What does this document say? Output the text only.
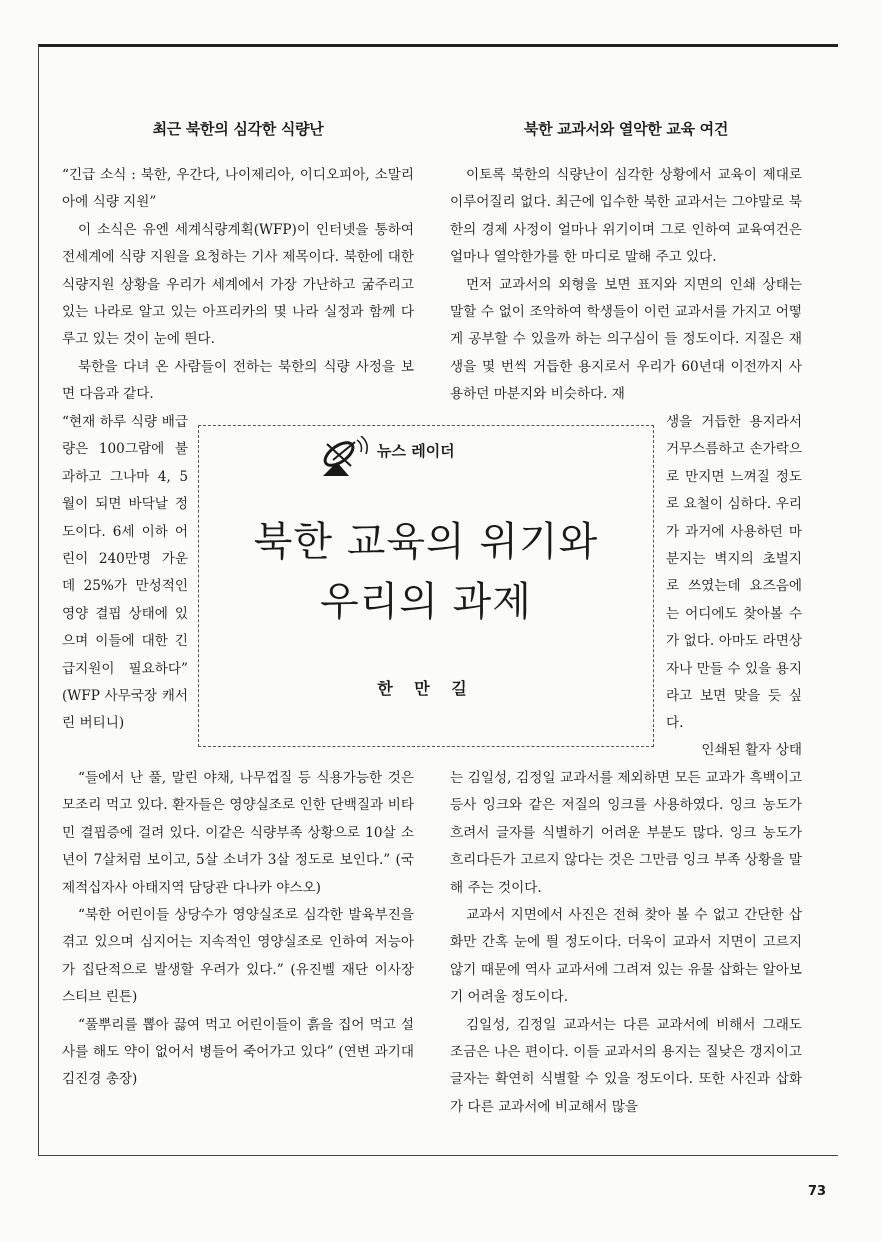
최근 북한의 심각한 식량난	북한 교과서와 열악한 교육 여건

“긴급 소식 : 북한, 우간다, 나이제리아, 이디오피아, 소말리아에 식량 지원”

이 소식은 유엔 세계식량계획(WFP)이 인터넷을 통하여 전세계에 식량 지원을 요청하는 기사 제목이다. 북한에 대한 식량지원 상황을 우리가 세계에서 가장 가난하고 굶주리고 있는 나라로 알고 있는 아프리카의 몇 나라 실정과 함께 다루고 있는 것이 눈에 띈다.

북한을 다녀 온 사람들이 전하는 북한의 식량 사정을 보면 다음과 같다.

“현재 하루 식량 배급량은 100그람에 불과하고 그나마 4, 5월이 되면 바닥날 정도이다. 6세 이하 어린이 240만명 가운데 25%가 만성적인 영양 결핍 상태에 있으며 이들에 대한 긴급지원이 필요하다” (WFP 사무국장 캐서린 버티니)

“들에서 난 풀, 말린 야채, 나무껍질 등 식용가능한 것은 모조리 먹고 있다. 환자들은 영양실조로 인한 단백질과 비타민 결핍증에 걸려 있다. 이같은 식량부족 상황으로 10살 소년이 7살처럼 보이고, 5살 소녀가 3살 정도로 보인다.” (국제적십자사 아태지역 담당관 다나카 야스오)

“북한 어린이들 상당수가 영양실조로 심각한 발육부진을 겪고 있으며 심지어는 지속적인 영양실조로 인하여 저능아가 집단적으로 발생할 우려가 있다.” (유진벨 재단 이사장 스티브 린튼)

“풀뿌리를 뽑아 끓여 먹고 어린이들이 흙을 집어 먹고 설사를 해도 약이 없어서 병들어 죽어가고 있다” (연변 과기대 김진경 총장)

이토록 북한의 식량난이 심각한 상황에서 교육이 제대로 이루어질리 없다. 최근에 입수한 북한 교과서는 그야말로 북한의 경제 사정이 얼마나 위기이며 그로 인하여 교육여건은 얼마나 열악한가를 한 마디로 말해 주고 있다.

먼저 교과서의 외형을 보면 표지와 지면의 인쇄 상태는 말할 수 없이 조악하여 학생들이 이런 교과서를 가지고 어떻게 공부할 수 있을까 하는 의구심이 들 정도이다. 지질은 재생을 몇 번씩 거듭한 용지로서 우리가 60년대 이전까지 사용하던 마분지와 비슷하다. 재

생을 거듭한 용지라서 거무스름하고 손가락으로 만지면 느껴질 정도로 요철이 심하다. 우리가 과거에 사용하던 마분지는 벽지의 초벌지로 쓰였는데 요즈음에는 어디에도 찾아볼 수가 없다. 아마도 라면상자나 만들 수 있을 용지라고 보면 맞을 듯 싶다.

인쇄된 활자 상태

는 김일성, 김정일 교과서를 제외하면 모든 교과가 흑백이고 등사 잉크와 같은 저질의 잉크를 사용하였다. 잉크 농도가 흐려서 글자를 식별하기 어려운 부분도 많다. 잉크 농도가 흐리다든가 고르지 않다는 것은 그만큼 잉크 부족 상황을 말해 주는 것이다.

교과서 지면에서 사진은 전혀 찾아 볼 수 없고 간단한 삽화만 간혹 눈에 띌 정도이다. 더욱이 교과서 지면이 고르지 않기 때문에 역사 교과서에 그려져 있는 유물 삽화는 알아보기 어려울 정도이다.

김일성, 김정일 교과서는 다른 교과서에 비해서 그래도 조금은 나은 편이다. 이들 교과서의 용지는 질낮은 갱지이고 글자는 확연히 식별할 수 있을 정도이다. 또한 사진과 삽화가 다른 교과서에 비교해서 많을

뉴스 레이더
북한 교육의 위기와
우리의 과제
한 만 길
73
